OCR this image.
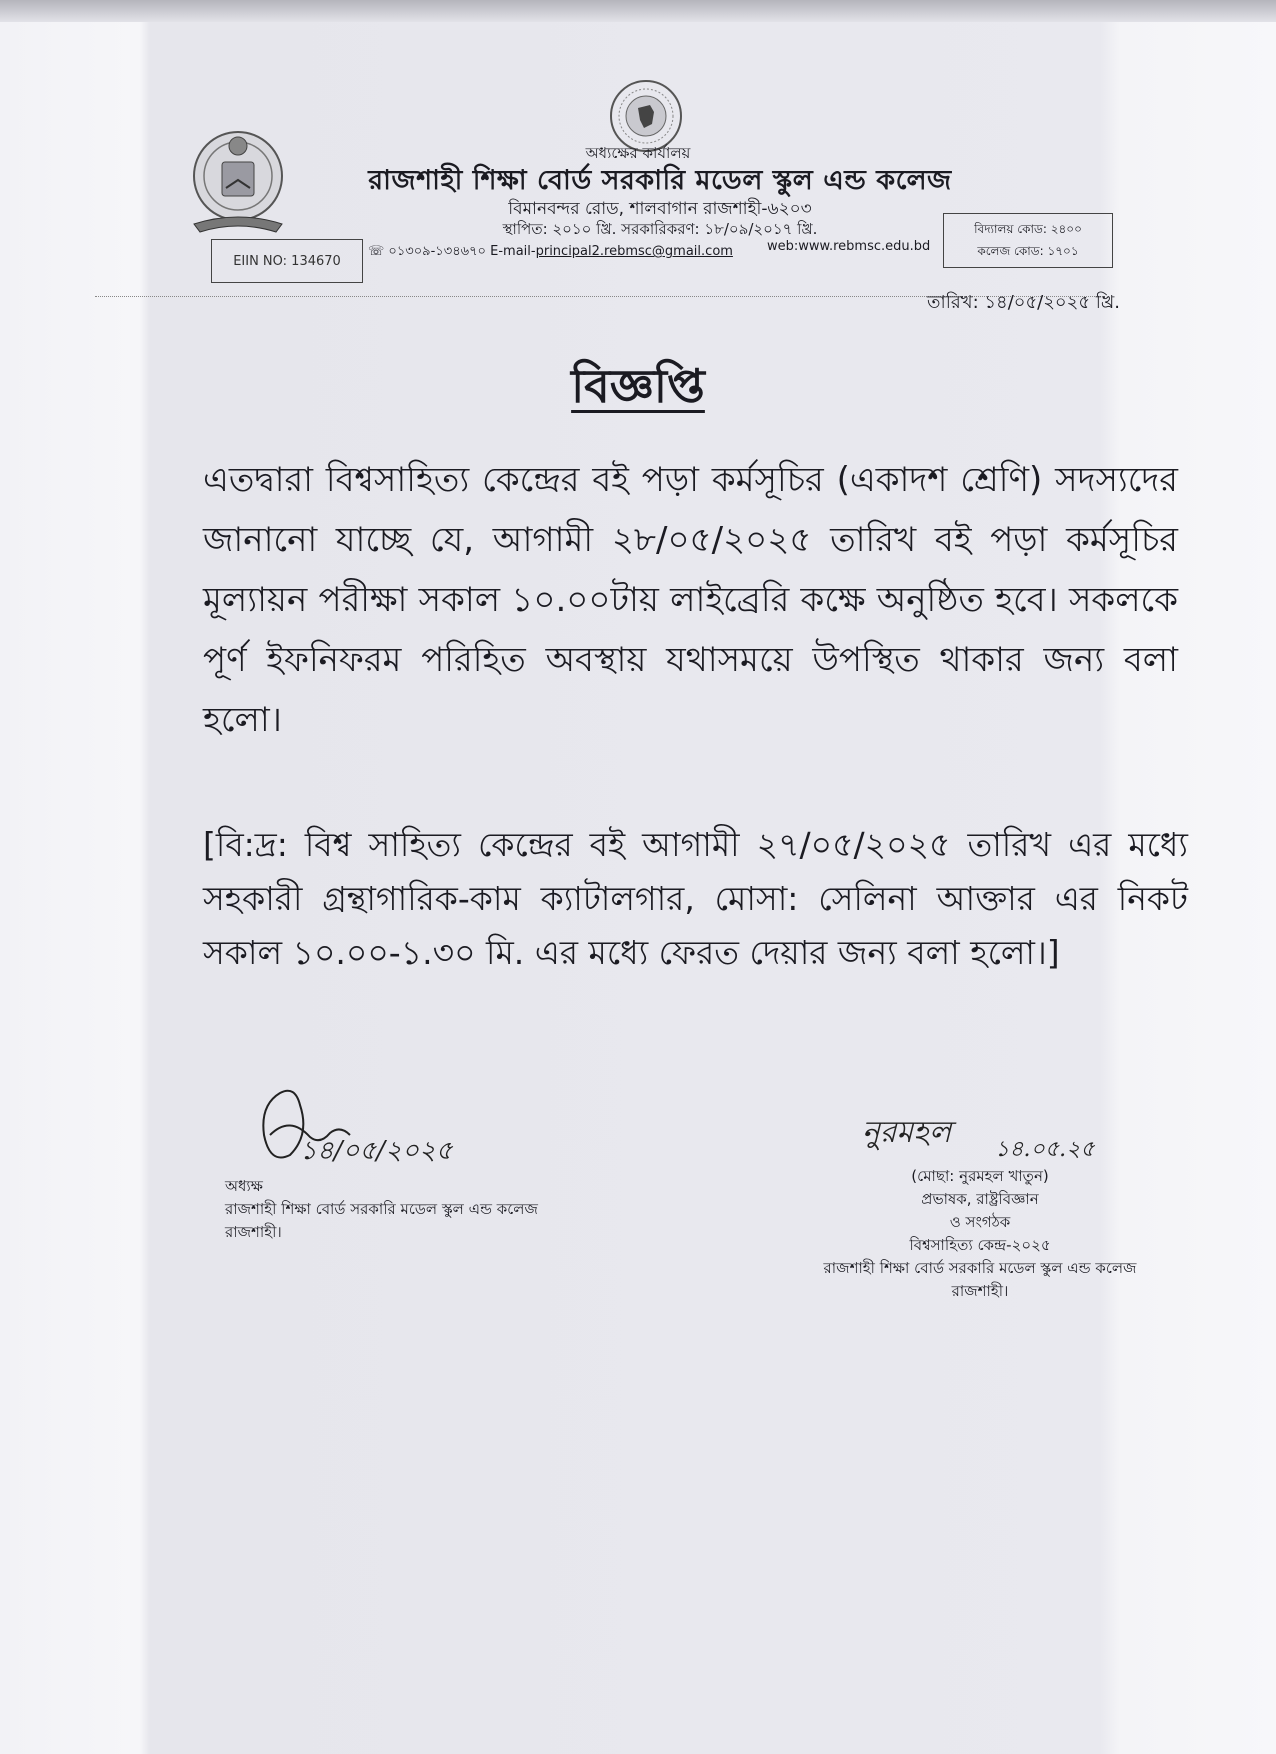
অধ্যক্ষের কার্যালয়
রাজশাহী শিক্ষা বোর্ড সরকারি মডেল স্কুল এন্ড কলেজ
বিমানবন্দর রোড, শালবাগান রাজশাহী-৬২০৩
স্থাপিত: ২০১০ খ্রি. সরকারিকরণ: ১৮/০৯/২০১৭ খ্রি.
EIIN NO: 134670
☏ ০১৩০৯-১৩৪৬৭০ E-mail-principal2.rebmsc@gmail.com	web:www.rebmsc.edu.bd
বিদ্যালয় কোড: ২৪০০
কলেজ কোড: ১৭০১
তারিখ: ১৪/০৫/২০২৫ খ্রি.
বিজ্ঞপ্তি
এতদ্বারা বিশ্বসাহিত্য কেন্দ্রের বই পড়া কর্মসূচির (একাদশ শ্রেণি) সদস্যদের জানানো যাচ্ছে যে, আগামী ২৮/০৫/২০২৫ তারিখ বই পড়া কর্মসূচির মূল্যায়ন পরীক্ষা সকাল ১০.০০টায় লাইব্রেরি কক্ষে অনুষ্ঠিত হবে। সকলকে পূর্ণ ইফনিফরম পরিহিত অবস্থায় যথাসময়ে উপস্থিত থাকার জন্য বলা হলো।
[বি:দ্র: বিশ্ব সাহিত্য কেন্দ্রের বই আগামী ২৭/০৫/২০২৫ তারিখ এর মধ্যে সহকারী গ্রন্থাগারিক-কাম ক্যাটালগার, মোসা: সেলিনা আক্তার এর নিকট সকাল ১০.০০-১.৩০ মি. এর মধ্যে ফেরত দেয়ার জন্য বলা হলো।]
১৪/০৫/২০২৫
অধ্যক্ষ
রাজশাহী শিক্ষা বোর্ড সরকারি মডেল স্কুল এন্ড কলেজ
রাজশাহী।
নুরমহল ১৪.০৫.২৫
(মোছা: নুরমহল খাতুন)
প্রভাষক, রাষ্ট্রবিজ্ঞান
ও সংগঠক
বিশ্বসাহিত্য কেন্দ্র-২০২৫
রাজশাহী শিক্ষা বোর্ড সরকারি মডেল স্কুল এন্ড কলেজ
রাজশাহী।
